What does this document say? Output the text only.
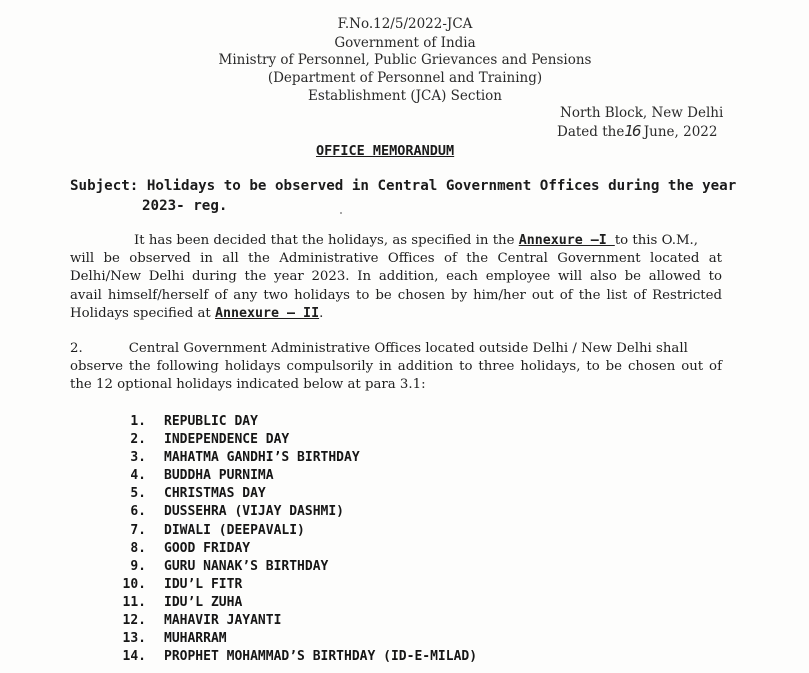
F.No.12/5/2022-JCA
Government of India
Ministry of Personnel, Public Grievances and Pensions
(Department of Personnel and Training)
Establishment (JCA) Section
North Block, New Delhi
Dated the16 June, 2022
OFFICE MEMORANDUM
Subject: Holidays to be observed in Central Government Offices during the year
2023- reg.
It has been decided that the holidays, as specified in the Annexure –I to this O.M.,
will be observed in all the Administrative Offices of the Central Government located at
Delhi/New Delhi during the year 2023. In addition, each employee will also be allowed to
avail himself/herself of any two holidays to be chosen by him/her out of the list of Restricted
Holidays specified at Annexure – II.
2.	Central Government Administrative Offices located outside Delhi / New Delhi shall
observe the following holidays compulsorily in addition to three holidays, to be chosen out of
the 12 optional holidays indicated below at para 3.1:
1. REPUBLIC DAY
2. INDEPENDENCE DAY
3. MAHATMA GANDHI’S BIRTHDAY
4. BUDDHA PURNIMA
5. CHRISTMAS DAY
6. DUSSEHRA (VIJAY DASHMI)
7. DIWALI (DEEPAVALI)
8. GOOD FRIDAY
9. GURU NANAK’S BIRTHDAY
10. IDU’L FITR
11. IDU’L ZUHA
12. MAHAVIR JAYANTI
13. MUHARRAM
14. PROPHET MOHAMMAD’S BIRTHDAY (ID-E-MILAD)
